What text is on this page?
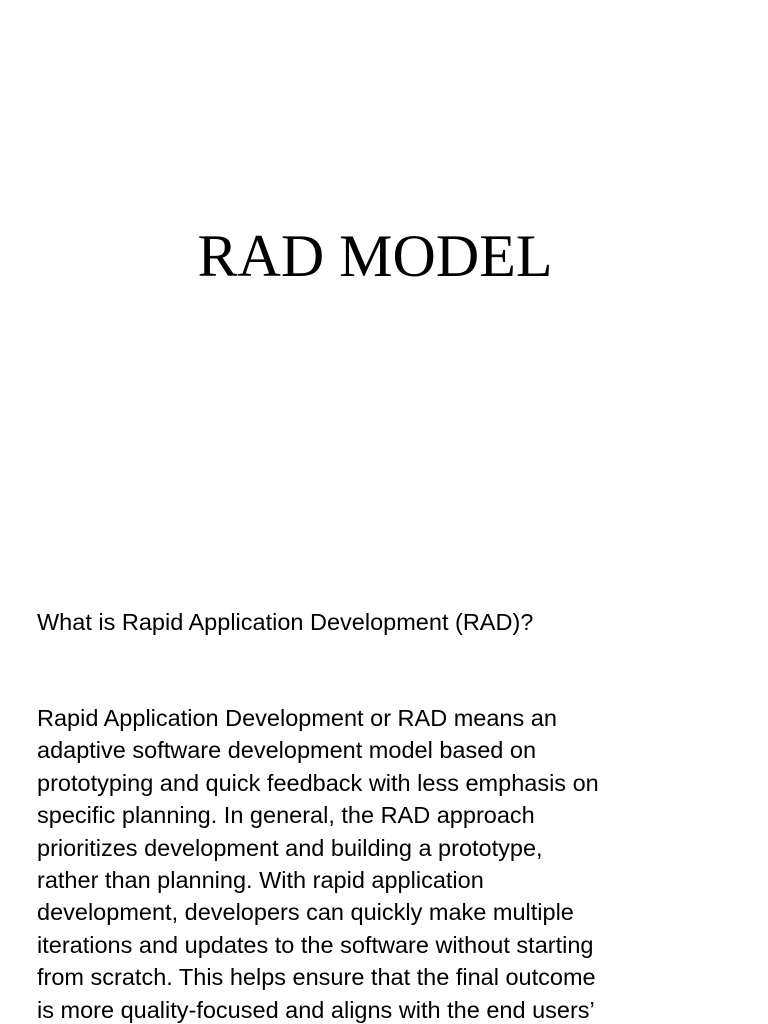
RAD MODEL

What is Rapid Application Development (RAD)?

Rapid Application Development or RAD means an
adaptive software development model based on
prototyping and quick feedback with less emphasis on
specific planning. In general, the RAD approach
prioritizes development and building a prototype,
rather than planning. With rapid application
development, developers can quickly make multiple
iterations and updates to the software without starting
from scratch. This helps ensure that the final outcome
is more quality-focused and aligns with the end users’
